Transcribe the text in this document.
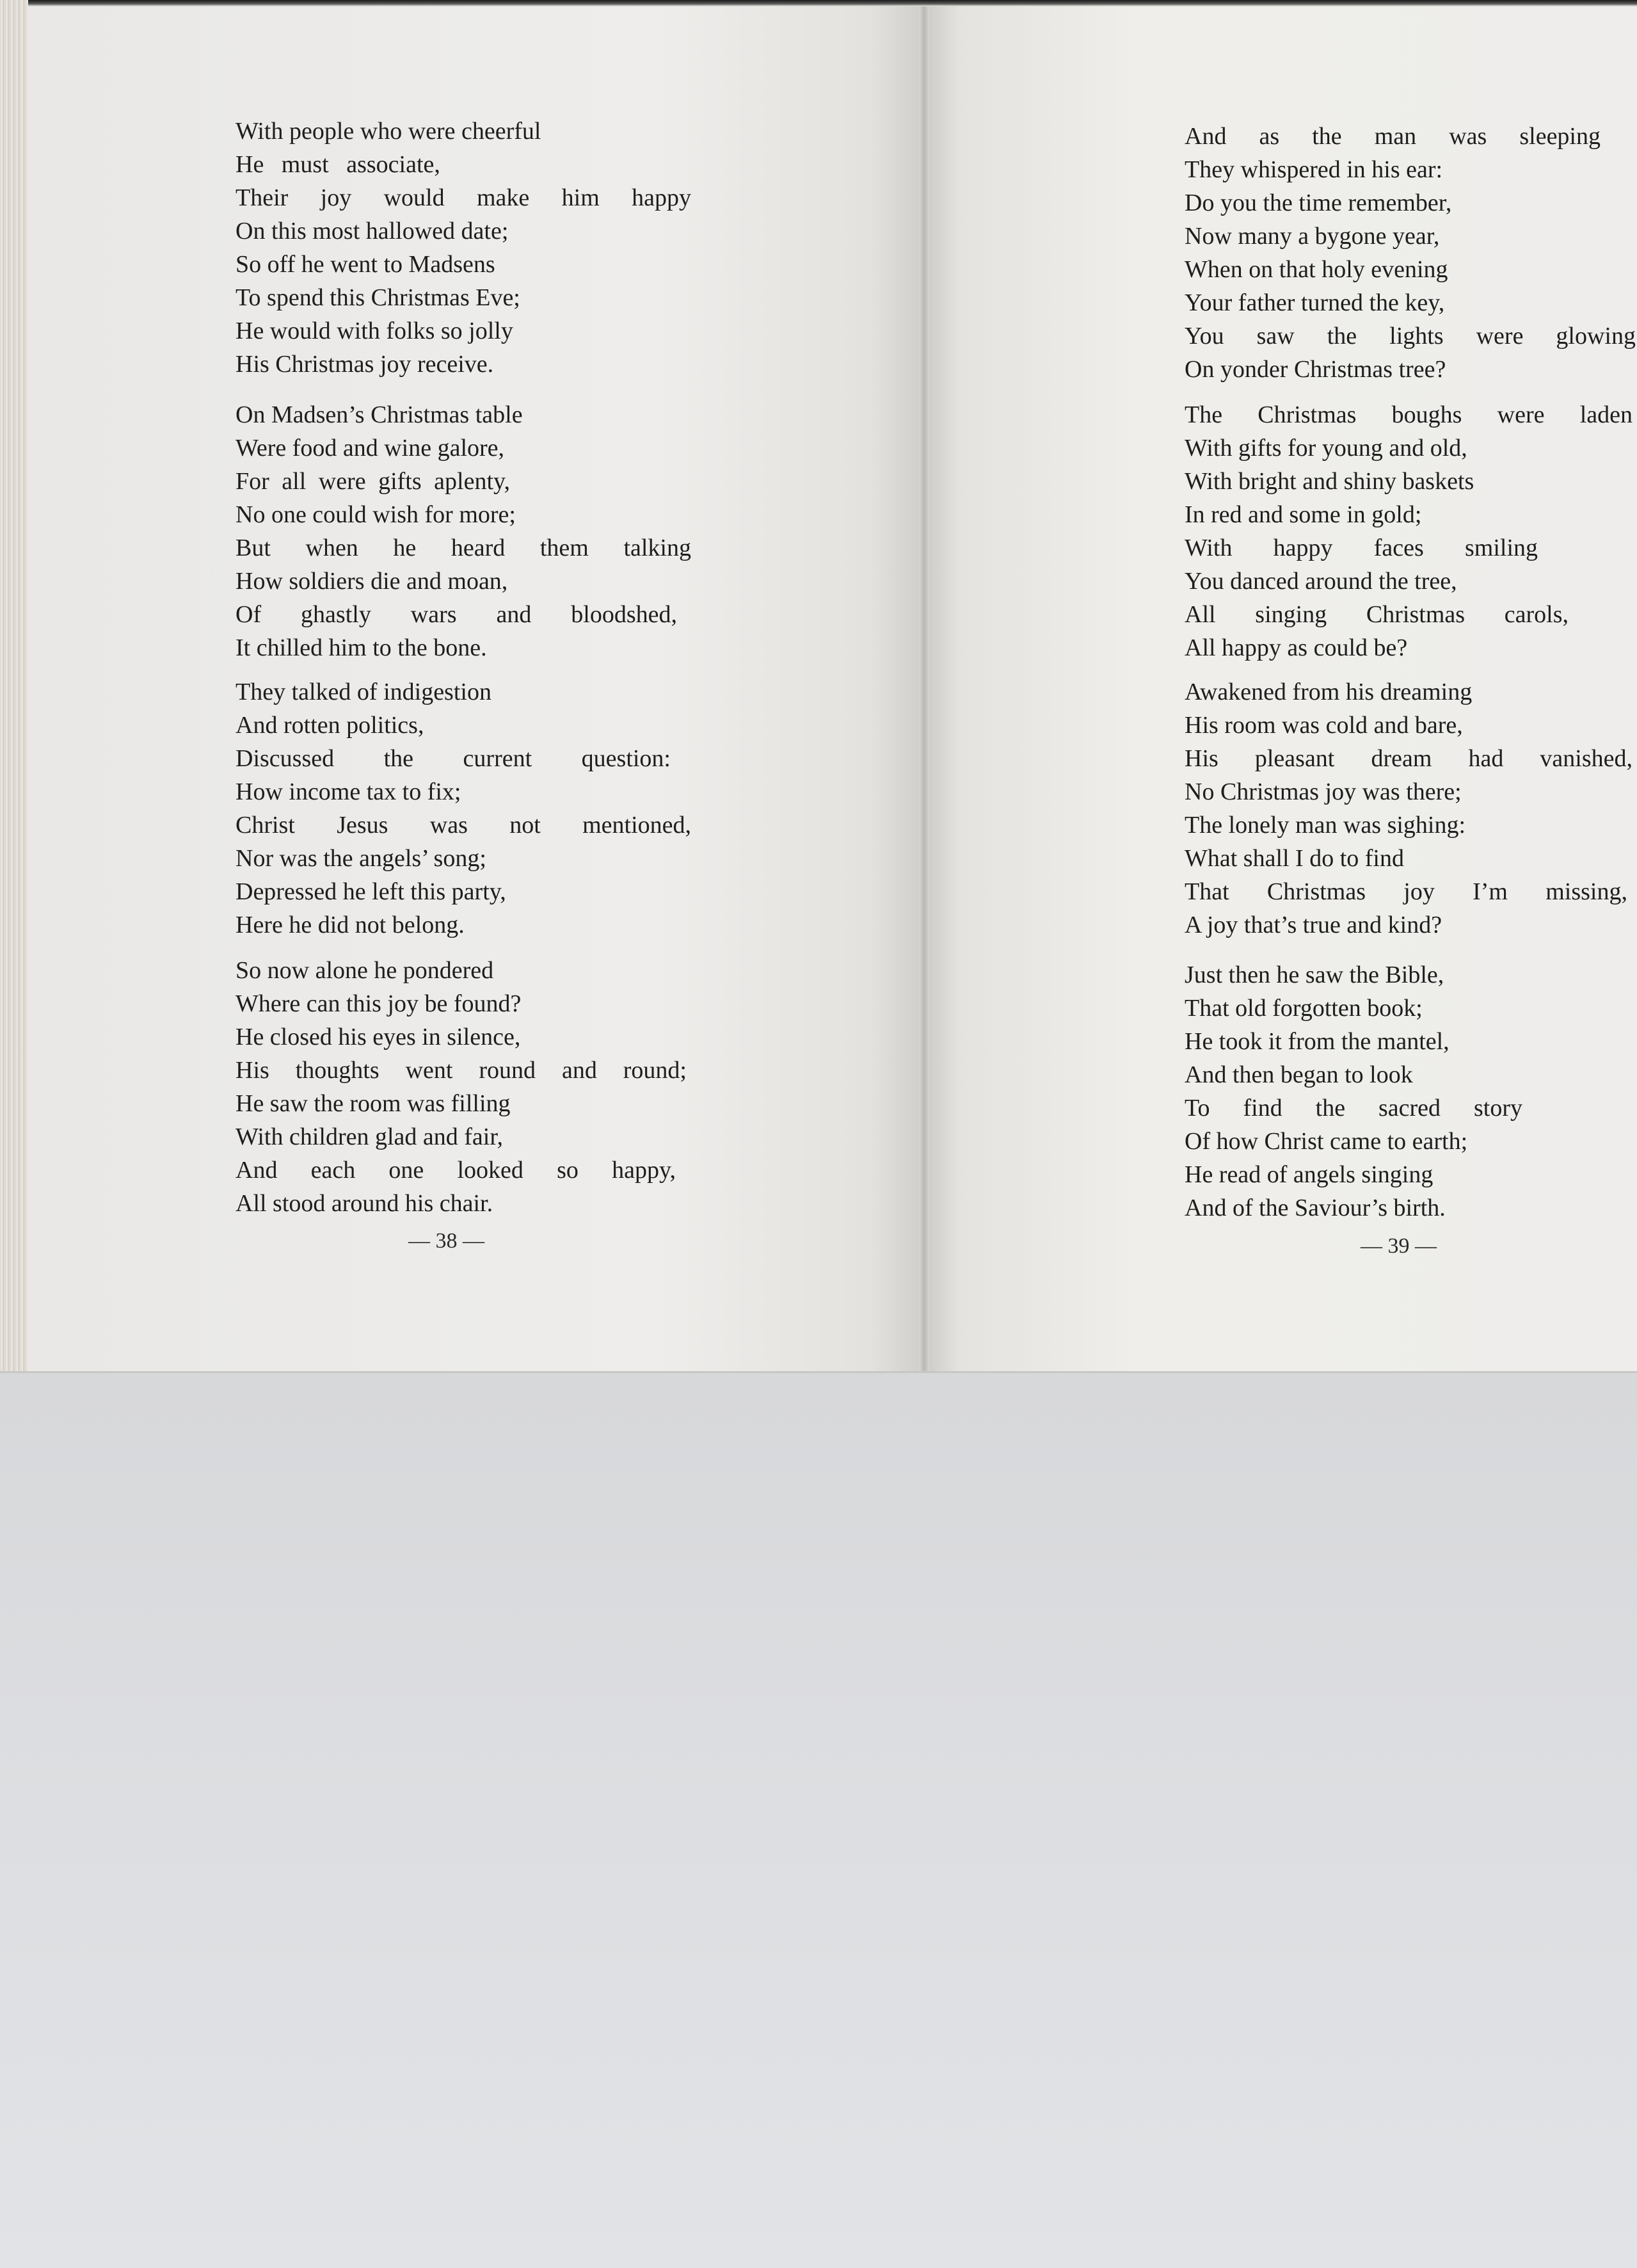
With people who were cheerful
He must associate,
Their joy would make him happy
On this most hallowed date;
So off he went to Madsens
To spend this Christmas Eve;
He would with folks so jolly
His Christmas joy receive.
On Madsen’s Christmas table
Were food and wine galore,
For all were gifts aplenty,
No one could wish for more;
But when he heard them talking
How soldiers die and moan,
Of ghastly wars and bloodshed,
It chilled him to the bone.
They talked of indigestion
And rotten politics,
Discussed the current question:
How income tax to fix;
Christ Jesus was not mentioned,
Nor was the angels’ song;
Depressed he left this party,
Here he did not belong.
So now alone he pondered
Where can this joy be found?
He closed his eyes in silence,
His thoughts went round and round;
He saw the room was filling
With children glad and fair,
And each one looked so happy,
All stood around his chair.
— 38 —
And as the man was sleeping
They whispered in his ear:
Do you the time remember,
Now many a bygone year,
When on that holy evening
Your father turned the key,
You saw the lights were glowing
On yonder Christmas tree?
The Christmas boughs were laden
With gifts for young and old,
With bright and shiny baskets
In red and some in gold;
With happy faces smiling
You danced around the tree,
All singing Christmas carols,
All happy as could be?
Awakened from his dreaming
His room was cold and bare,
His pleasant dream had vanished,
No Christmas joy was there;
The lonely man was sighing:
What shall I do to find
That Christmas joy I’m missing,
A joy that’s true and kind?
Just then he saw the Bible,
That old forgotten book;
He took it from the mantel,
And then began to look
To find the sacred story
Of how Christ came to earth;
He read of angels singing
And of the Saviour’s birth.
— 39 —
